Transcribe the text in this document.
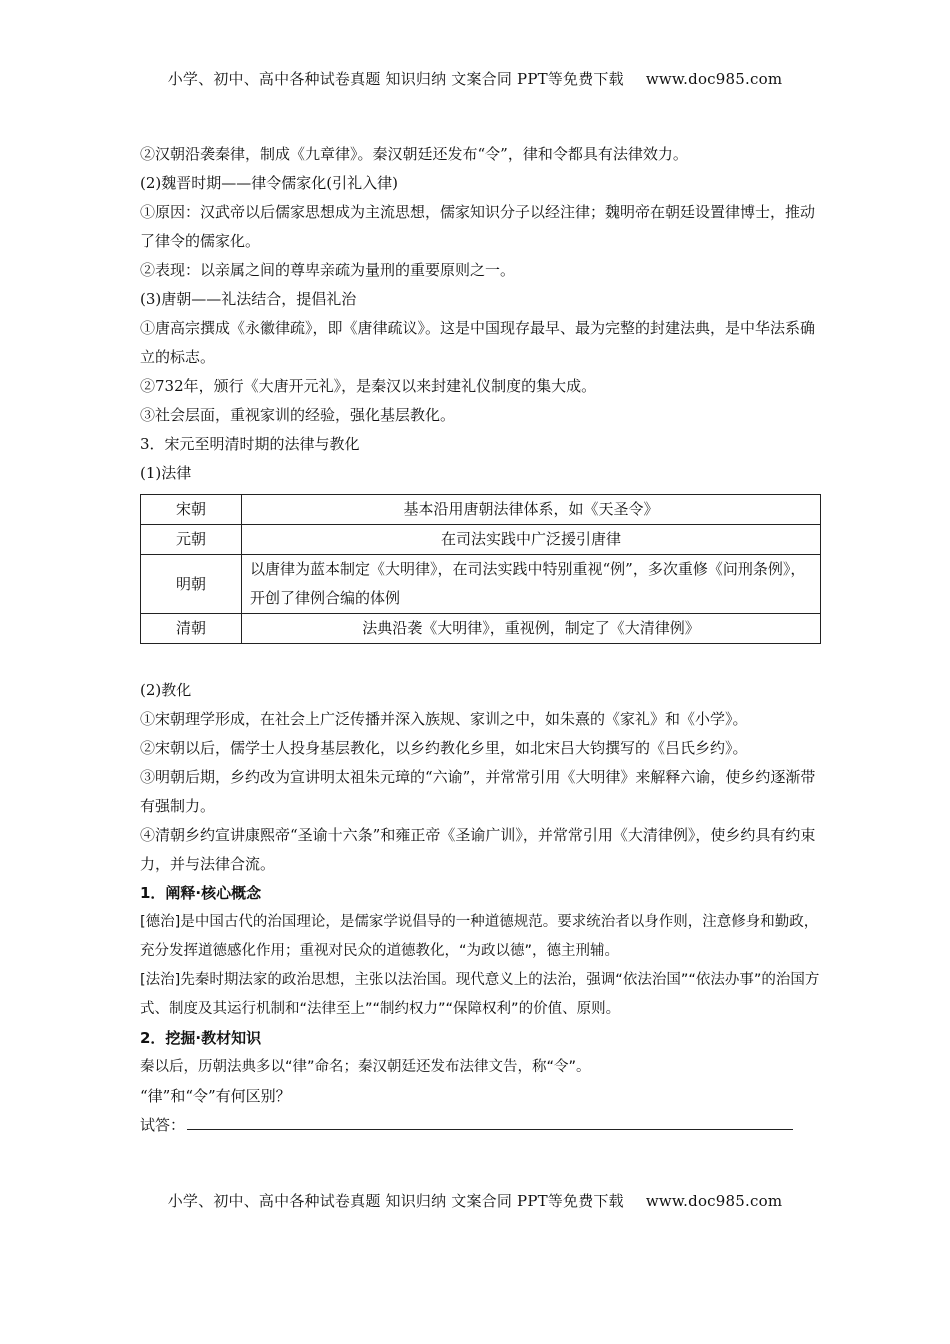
小学、初中、高中各种试卷真题 知识归纳 文案合同 PPT等免费下载 www.doc985.com

②汉朝沿袭秦律，制成《九章律》。秦汉朝廷还发布“令”，律和令都具有法律效力。

(2)魏晋时期——律令儒家化(引礼入律)

①原因：汉武帝以后儒家思想成为主流思想，儒家知识分子以经注律；魏明帝在朝廷设置律博士，推动了律令的儒家化。

②表现：以亲属之间的尊卑亲疏为量刑的重要原则之一。

(3)唐朝——礼法结合，提倡礼治

①唐高宗撰成《永徽律疏》，即《唐律疏议》。这是中国现存最早、最为完整的封建法典，是中华法系确立的标志。

②732年，颁行《大唐开元礼》，是秦汉以来封建礼仪制度的集大成。

③社会层面，重视家训的经验，强化基层教化。

3．宋元至明清时期的法律与教化

(1)法律

宋朝	基本沿用唐朝法律体系，如《天圣令》
元朝	在司法实践中广泛援引唐律
明朝	以唐律为蓝本制定《大明律》，在司法实践中特别重视“例”，多次重修《问刑条例》，开创了律例合编的体例
清朝	法典沿袭《大明律》，重视例，制定了《大清律例》

(2)教化

①宋朝理学形成，在社会上广泛传播并深入族规、家训之中，如朱熹的《家礼》和《小学》。

②宋朝以后，儒学士人投身基层教化，以乡约教化乡里，如北宋吕大钧撰写的《吕氏乡约》。

③明朝后期，乡约改为宣讲明太祖朱元璋的“六谕”，并常常引用《大明律》来解释六谕，使乡约逐渐带有强制力。

④清朝乡约宣讲康熙帝“圣谕十六条”和雍正帝《圣谕广训》，并常常引用《大清律例》，使乡约具有约束力，并与法律合流。

1．阐释·核心概念

[德治]是中国古代的治国理论，是儒家学说倡导的一种道德规范。要求统治者以身作则，注意修身和勤政，充分发挥道德感化作用；重视对民众的道德教化，“为政以德”，德主刑辅。

[法治]先秦时期法家的政治思想，主张以法治国。现代意义上的法治，强调“依法治国”“依法办事”的治国方式、制度及其运行机制和“法律至上”“制约权力”“保障权利”的价值、原则。

2．挖掘·教材知识

秦以后，历朝法典多以“律”命名；秦汉朝廷还发布法律文告，称“令”。

“律”和“令”有何区别？

试答：

小学、初中、高中各种试卷真题 知识归纳 文案合同 PPT等免费下载 www.doc985.com
